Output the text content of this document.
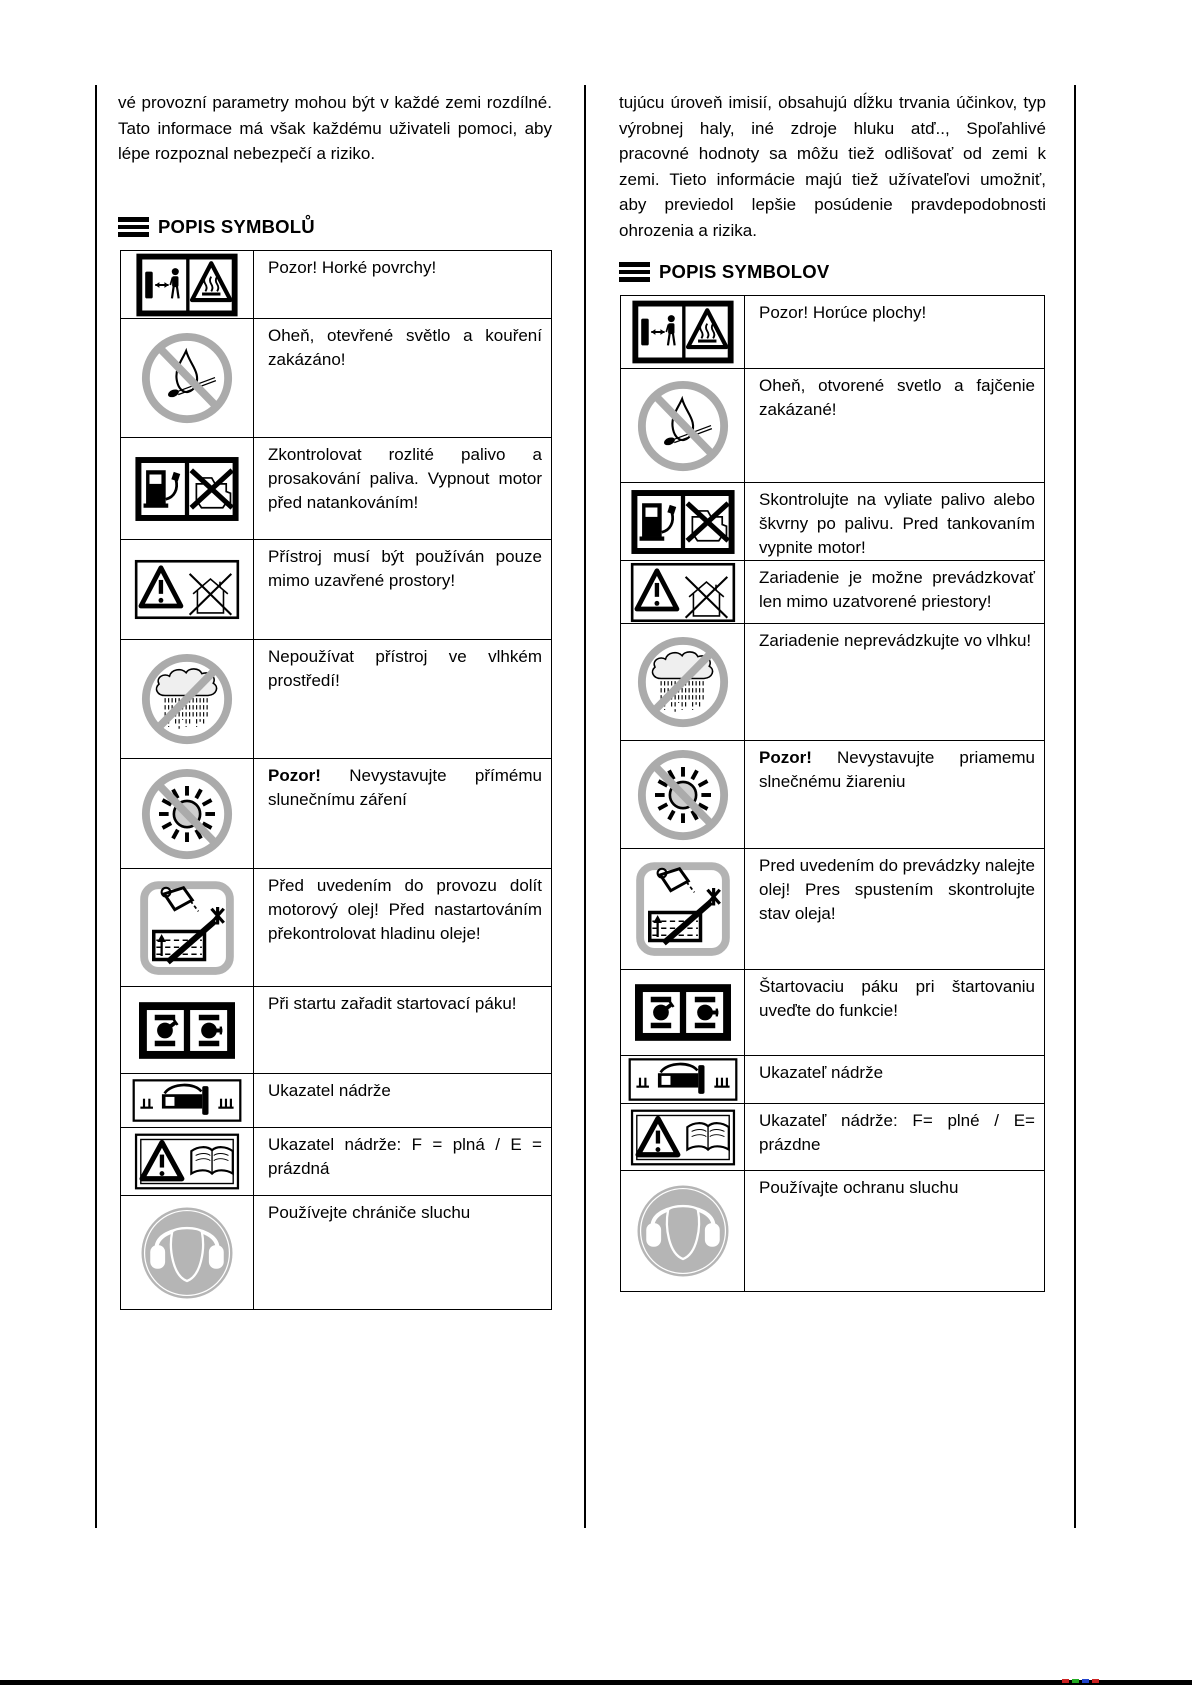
vé provozní parametry mohou být v každé zemi rozdílné. Tato informace má však každému uživateli pomoci, aby lépe rozpoznal nebezpečí a riziko.

tujúcu úroveň imisií, obsahujú dĺžku trvania účinkov, typ výrobnej haly, iné zdroje hluku atď.., Spoľahlivé pracovné hodnoty sa môžu tiež odlišovať od zemi k zemi. Tieto informácie majú tiež užívateľovi umožniť, aby previedol lepšie posúdenie pravdepodobnosti ohrozenia a rizika.

POPIS SYMBOLŮ
POPIS SYMBOLOV
Pozor! Horké povrchy!
Oheň, otevřené světlo a kouření zakázáno!
Zkontrolovat rozlité palivo a prosakování paliva. Vypnout motor před natankováním!
Přístroj musí být používán pouze mimo uzavřené prostory!
Nepoužívat přístroj ve vlhkém prostředí!
Pozor! Nevystavujte přímému slunečnímu záření
Před uvedením do provozu dolít motorový olej! Před nastartováním překontrolovat hladinu oleje!
Při startu zařadit startovací páku!
Ukazatel nádrže
Ukazatel nádrže: F = plná / E = prázdná
Používejte chrániče sluchu
Pozor! Horúce plochy!
Oheň, otvorené svetlo a fajčenie zakázané!
Skontrolujte na vyliate palivo alebo škvrny po palivu. Pred tankovaním vypnite motor!
Zariadenie je možne prevádzkovať len mimo uzatvorené priestory!
Zariadenie neprevádzkujte vo vlhku!
Pozor! Nevystavujte priamemu slnečnému žiareniu
Pred uvedením do prevádzky nalejte olej! Pres spustením skontrolujte stav oleja!
Štartovaciu páku pri štartovaniu uveďte do funkcie!
Ukazateľ nádrže
Ukazateľ nádrže: F= plné / E= prázdne
Používajte ochranu sluchu
